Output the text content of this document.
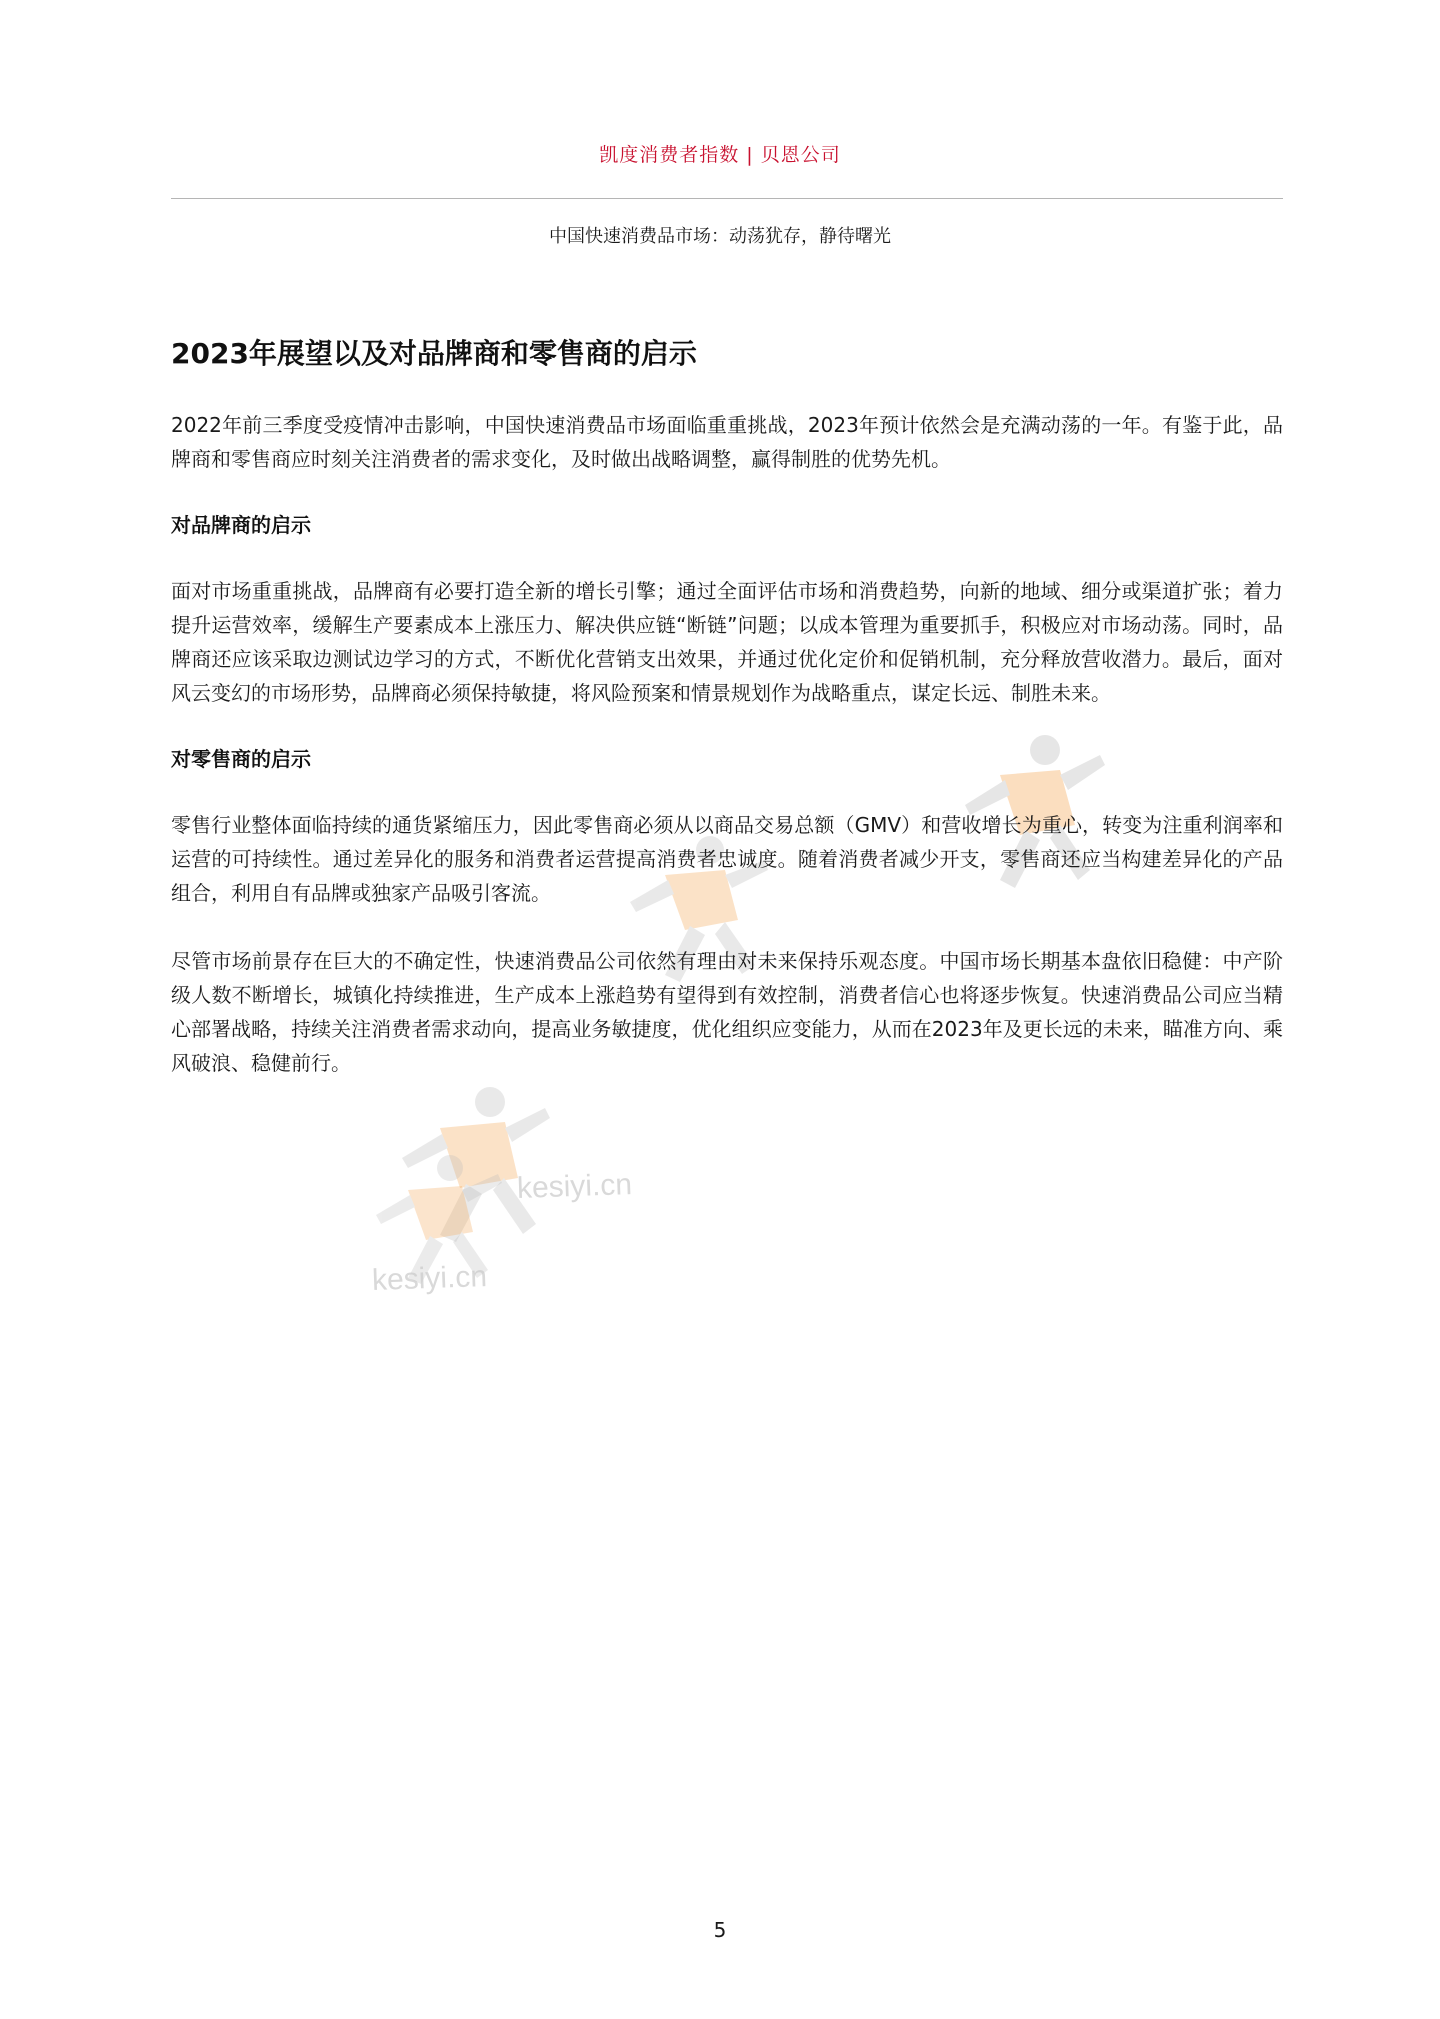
凯度消费者指数 | 贝恩公司
中国快速消费品市场：动荡犹存，静待曙光
kesiyi.cn
kesiyi.cn
2023年展望以及对品牌商和零售商的启示

2022年前三季度受疫情冲击影响，中国快速消费品市场面临重重挑战，2023年预计依然会是充满动荡的一年。有鉴于此，品牌商和零售商应时刻关注消费者的需求变化，及时做出战略调整，赢得制胜的优势先机。

对品牌商的启示

面对市场重重挑战，品牌商有必要打造全新的增长引擎；通过全面评估市场和消费趋势，向新的地域、细分或渠道扩张；着力提升运营效率，缓解生产要素成本上涨压力、解决供应链“断链”问题；以成本管理为重要抓手，积极应对市场动荡。同时，品牌商还应该采取边测试边学习的方式，不断优化营销支出效果，并通过优化定价和促销机制，充分释放营收潜力。最后，面对风云变幻的市场形势，品牌商必须保持敏捷，将风险预案和情景规划作为战略重点，谋定长远、制胜未来。

对零售商的启示

零售行业整体面临持续的通货紧缩压力，因此零售商必须从以商品交易总额（GMV）和营收增长为重心，转变为注重利润率和运营的可持续性。通过差异化的服务和消费者运营提高消费者忠诚度。随着消费者减少开支，零售商还应当构建差异化的产品组合，利用自有品牌或独家产品吸引客流。

尽管市场前景存在巨大的不确定性，快速消费品公司依然有理由对未来保持乐观态度。中国市场长期基本盘依旧稳健：中产阶级人数不断增长，城镇化持续推进，生产成本上涨趋势有望得到有效控制，消费者信心也将逐步恢复。快速消费品公司应当精心部署战略，持续关注消费者需求动向，提高业务敏捷度，优化组织应变能力，从而在2023年及更长远的未来，瞄准方向、乘风破浪、稳健前行。

5
